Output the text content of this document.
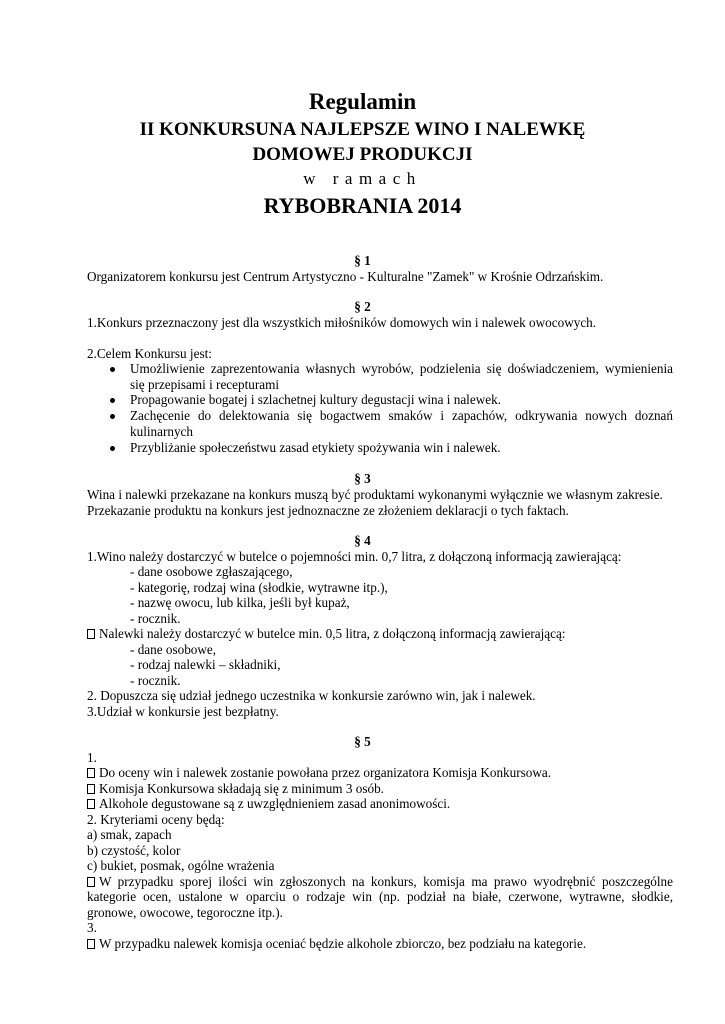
Regulamin
II KONKURSUNA NAJLEPSZE WINO I NALEWKĘ
DOMOWEJ PRODUKCJI
w ramach
RYBOBRANIA 2014
§ 1
Organizatorem konkursu jest Centrum Artystyczno - Kulturalne "Zamek" w Krośnie Odrzańskim.
§ 2
1.Konkurs przeznaczony jest dla wszystkich miłośników domowych win i nalewek owocowych.
2.Celem Konkursu jest:
Umożliwienie zaprezentowania własnych wyrobów, podzielenia się doświadczeniem, wymienienia
się przepisami i recepturami
Propagowanie bogatej i szlachetnej kultury degustacji wina i nalewek.
Zachęcenie do delektowania się bogactwem smaków i zapachów, odkrywania nowych doznań
kulinarnych
Przybliżanie społeczeństwu zasad etykiety spożywania win i nalewek.
§ 3
Wina i nalewki przekazane na konkurs muszą być produktami wykonanymi wyłącznie we własnym zakresie.
Przekazanie produktu na konkurs jest jednoznaczne ze złożeniem deklaracji o tych faktach.
§ 4
1.Wino należy dostarczyć w butelce o pojemności min. 0,7 litra, z dołączoną informacją zawierającą:
- dane osobowe zgłaszającego,
- kategorię, rodzaj wina (słodkie, wytrawne itp.),
- nazwę owocu, lub kilka, jeśli był kupaż,
- rocznik.
Nalewki należy dostarczyć w butelce min. 0,5 litra, z dołączoną informacją zawierającą:
- dane osobowe,
- rodzaj nalewki – składniki,
- rocznik.
2. Dopuszcza się udział jednego uczestnika w konkursie zarówno win, jak i nalewek.
3.Udział w konkursie jest bezpłatny.
§ 5
1.
Do oceny win i nalewek zostanie powołana przez organizatora Komisja Konkursowa.
Komisja Konkursowa składają się z minimum 3 osób.
Alkohole degustowane są z uwzględnieniem zasad anonimowości.
2. Kryteriami oceny będą:
a) smak, zapach
b) czystość, kolor
c) bukiet, posmak, ogólne wrażenia
W przypadku sporej ilości win zgłoszonych na konkurs, komisja ma prawo wyodrębnić poszczególne
kategorie ocen, ustalone w oparciu o rodzaje win (np. podział na białe, czerwone, wytrawne, słodkie,
gronowe, owocowe, tegoroczne itp.).
3.
W przypadku nalewek komisja oceniać będzie alkohole zbiorczo, bez podziału na kategorie.
